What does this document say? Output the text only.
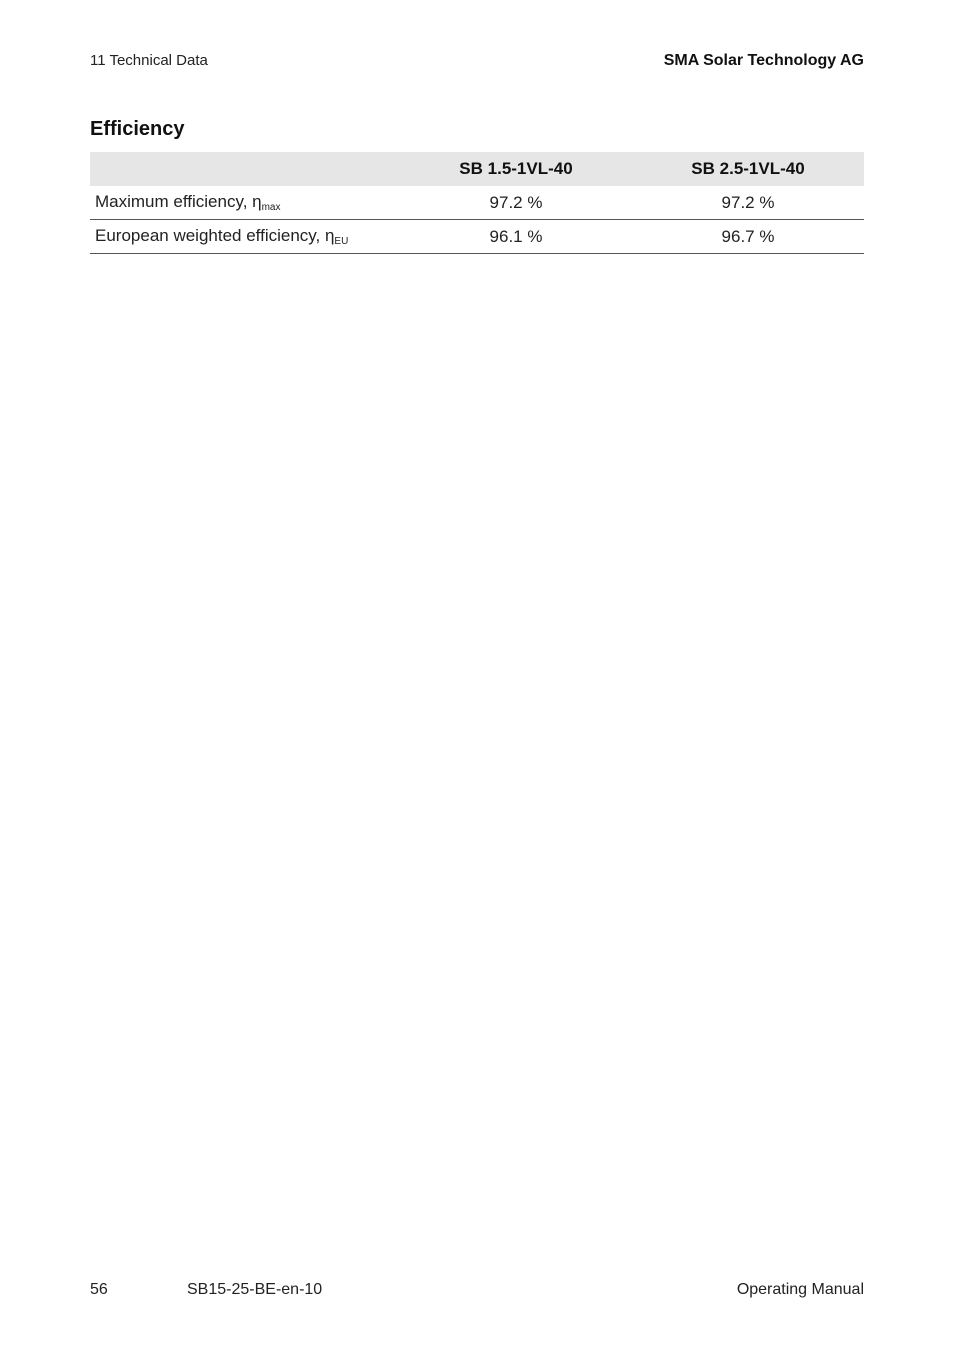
11 Technical Data	SMA Solar Technology AG
Efficiency
	SB 1.5-1VL-40	SB 2.5-1VL-40
Maximum efficiency, $\eta_{max}$	97.2 %	97.2 %
European weighted efficiency, $\eta_{EU}$	96.1 %	96.7 %
56	SB15-25-BE-en-10	Operating Manual
